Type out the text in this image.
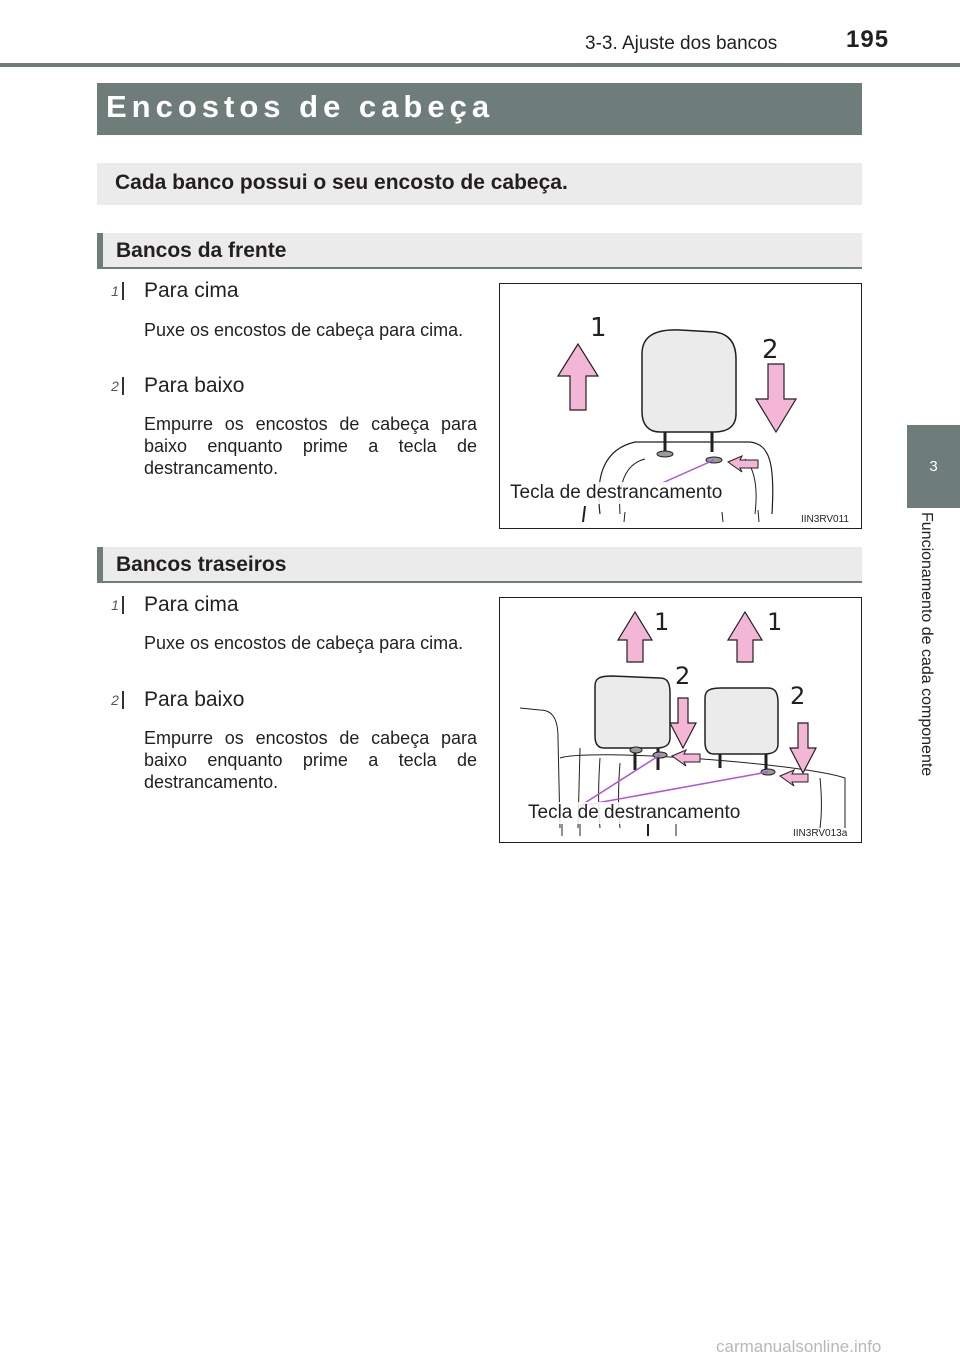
3-3. Ajuste dos bancos	195
3
Funcionamento de cada componente
Encostos de cabeça
Cada banco possui o seu encosto de cabeça.
Bancos da frente
1 Para cima
Puxe os encostos de cabeça para cima.
2 Para baixo
Empurre os encostos de cabeça para baixo enquanto prime a tecla de destrancamento.
1
2
Tecla de destrancamento
IIN3RV011
Bancos traseiros
1 Para cima
Puxe os encostos de cabeça para cima.
2 Para baixo
Empurre os encostos de cabeça para baixo enquanto prime a tecla de destrancamento.
1	1
2
2
Tecla de destrancamento
IIN3RV013a
carmanualsonline.info
